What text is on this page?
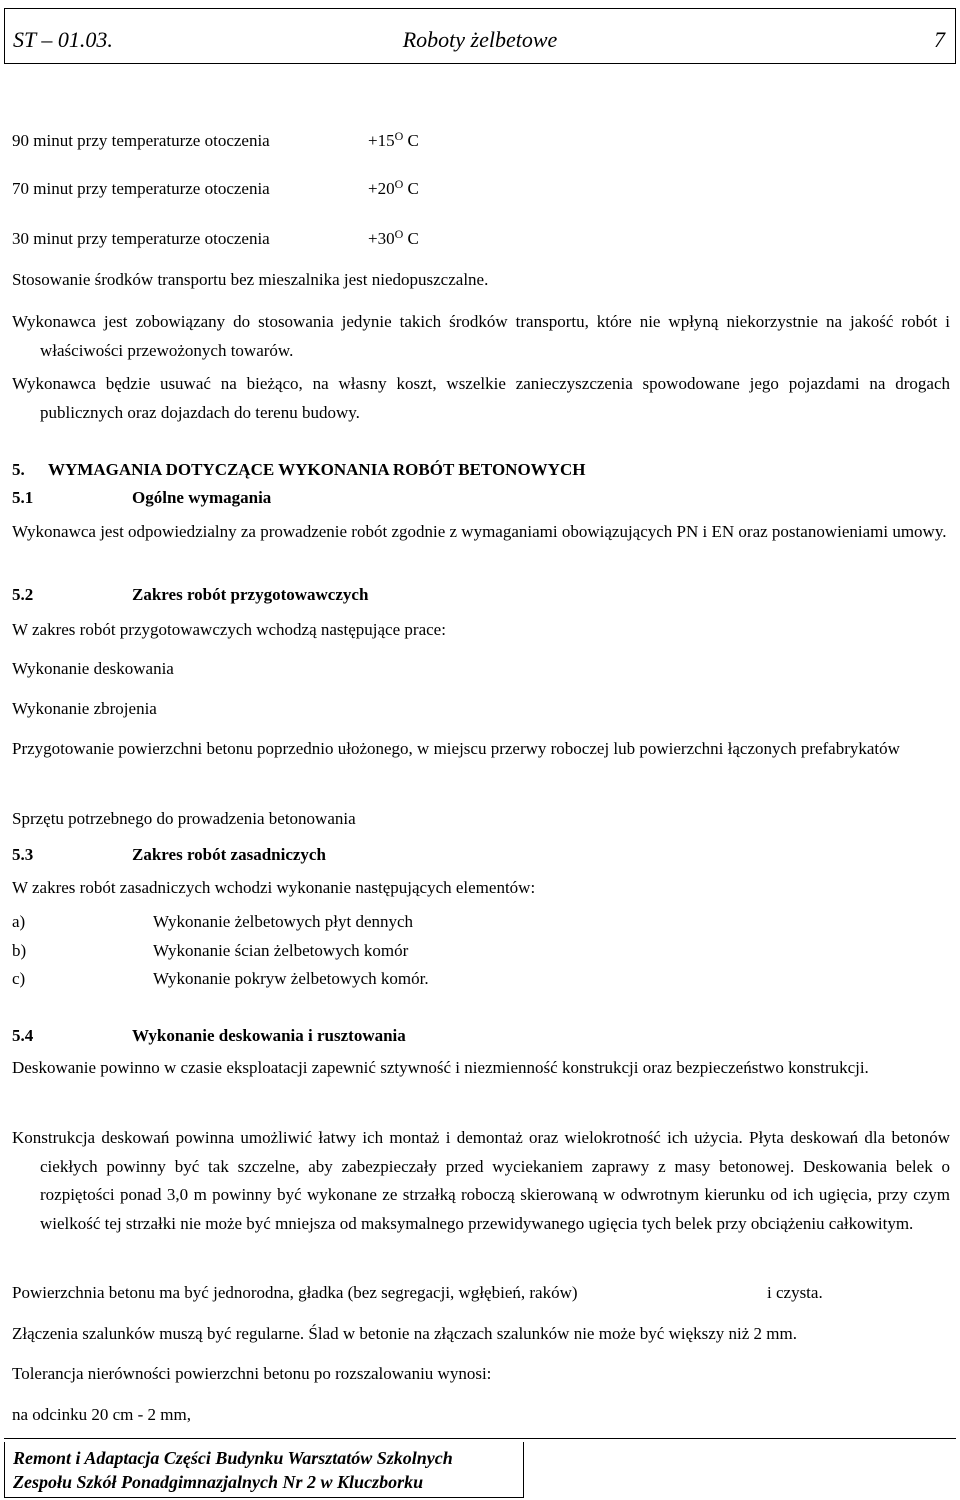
ST – 01.03.	Roboty żelbetowe	7
90 minut przy temperaturze otoczenia	$+15^O$ C
70 minut przy temperaturze otoczenia	$+20^O$ C
30 minut przy temperaturze otoczenia	$+30^O$ C
Stosowanie środków transportu bez mieszalnika jest niedopuszczalne.
Wykonawca jest zobowiązany do stosowania jedynie takich środków transportu, które nie wpłyną niekorzystnie na jakość robót i właściwości przewożonych towarów.
Wykonawca będzie usuwać na bieżąco, na własny koszt, wszelkie zanieczyszczenia spowodowane jego pojazdami na drogach publicznych oraz dojazdach do terenu budowy.
5. WYMAGANIA DOTYCZĄCE WYKONANIA ROBÓT BETONOWYCH
5.1	Ogólne wymagania
Wykonawca jest odpowiedzialny za prowadzenie robót zgodnie z wymaganiami obowiązujących PN i EN oraz postanowieniami umowy.
5.2	Zakres robót przygotowawczych
W zakres robót przygotowawczych wchodzą następujące prace:
Wykonanie deskowania
Wykonanie zbrojenia
Przygotowanie powierzchni betonu poprzednio ułożonego, w miejscu przerwy roboczej lub powierzchni łączonych prefabrykatów
Sprzętu potrzebnego do prowadzenia betonowania
5.3	Zakres robót zasadniczych
W zakres robót zasadniczych wchodzi wykonanie następujących elementów:
a)	Wykonanie żelbetowych płyt dennych
b)	Wykonanie ścian żelbetowych komór
c)	Wykonanie pokryw żelbetowych komór.
5.4	Wykonanie deskowania i rusztowania
Deskowanie powinno w czasie eksploatacji zapewnić sztywność i niezmienność konstrukcji oraz bezpieczeństwo konstrukcji.
Konstrukcja deskowań powinna umożliwić łatwy ich montaż i demontaż oraz wielokrotność ich użycia. Płyta deskowań dla betonów ciekłych powinny być tak szczelne, aby zabezpieczały przed wyciekaniem zaprawy z masy betonowej. Deskowania belek o rozpiętości ponad 3,0 m powinny być wykonane ze strzałką roboczą skierowaną w odwrotnym kierunku od ich ugięcia, przy czym wielkość tej strzałki nie może być mniejsza od maksymalnego przewidywanego ugięcia tych belek przy obciążeniu całkowitym.
Powierzchnia betonu ma być jednorodna, gładka (bez segregacji, wgłębień, raków)	i czysta.
Złączenia szalunków muszą być regularne. Ślad w betonie na złączach szalunków nie może być większy niż 2 mm.
Tolerancja nierówności powierzchni betonu po rozszalowaniu wynosi:
na odcinku 20 cm - 2 mm,
Remont i Adaptacja Części Budynku Warsztatów Szkolnych
Zespołu Szkół Ponadgimnazjalnych Nr 2 w Kluczborku
